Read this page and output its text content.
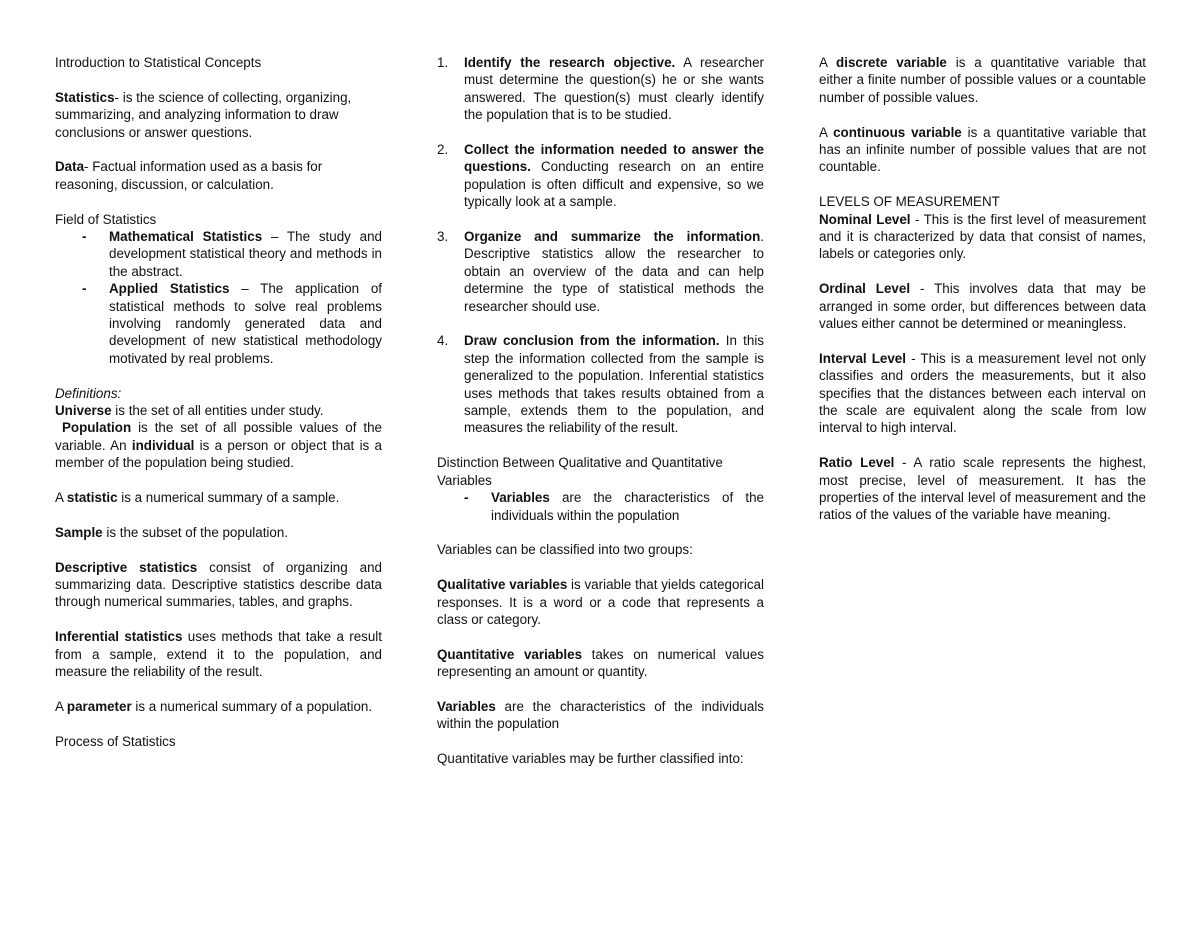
Introduction to Statistical Concepts

Statistics- is the science of collecting, organizing, summarizing, and analyzing information to draw conclusions or answer questions.

Data- Factual information used as a basis for reasoning, discussion, or calculation.

Field of Statistics

- Mathematical Statistics – The study and development statistical theory and methods in the abstract.
- Applied Statistics – The application of statistical methods to solve real problems involving randomly generated data and development of new statistical methodology motivated by real problems.

Definitions:

Universe is the set of all entities under study.

Population is the set of all possible values of the variable. An individual is a person or object that is a member of the population being studied.

A statistic is a numerical summary of a sample.

Sample is the subset of the population.

Descriptive statistics consist of organizing and summarizing data. Descriptive statistics describe data through numerical summaries, tables, and graphs.

Inferential statistics uses methods that take a result from a sample, extend it to the population, and measure the reliability of the result.

A parameter is a numerical summary of a population.

Process of Statistics

1. Identify the research objective. A researcher must determine the question(s) he or she wants answered. The question(s) must clearly identify the population that is to be studied.
2. Collect the information needed to answer the questions. Conducting research on an entire population is often difficult and expensive, so we typically look at a sample.
3. Organize and summarize the information. Descriptive statistics allow the researcher to obtain an overview of the data and can help determine the type of statistical methods the researcher should use.
4. Draw conclusion from the information. In this step the information collected from the sample is generalized to the population. Inferential statistics uses methods that takes results obtained from a sample, extends them to the population, and measures the reliability of the result.

Distinction Between Qualitative and Quantitative Variables

- Variables are the characteristics of the individuals within the population

Variables can be classified into two groups:

Qualitative variables is variable that yields categorical responses. It is a word or a code that represents a class or category.

Quantitative variables takes on numerical values representing an amount or quantity.

Variables are the characteristics of the individuals within the population

Quantitative variables may be further classified into:

A discrete variable is a quantitative variable that either a finite number of possible values or a countable number of possible values.

A continuous variable is a quantitative variable that has an infinite number of possible values that are not countable.

LEVELS OF MEASUREMENT

Nominal Level - This is the first level of measurement and it is characterized by data that consist of names, labels or categories only.

Ordinal Level - This involves data that may be arranged in some order, but differences between data values either cannot be determined or meaningless.

Interval Level - This is a measurement level not only classifies and orders the measurements, but it also specifies that the distances between each interval on the scale are equivalent along the scale from low interval to high interval.

Ratio Level - A ratio scale represents the highest, most precise, level of measurement. It has the properties of the interval level of measurement and the ratios of the values of the variable have meaning.
